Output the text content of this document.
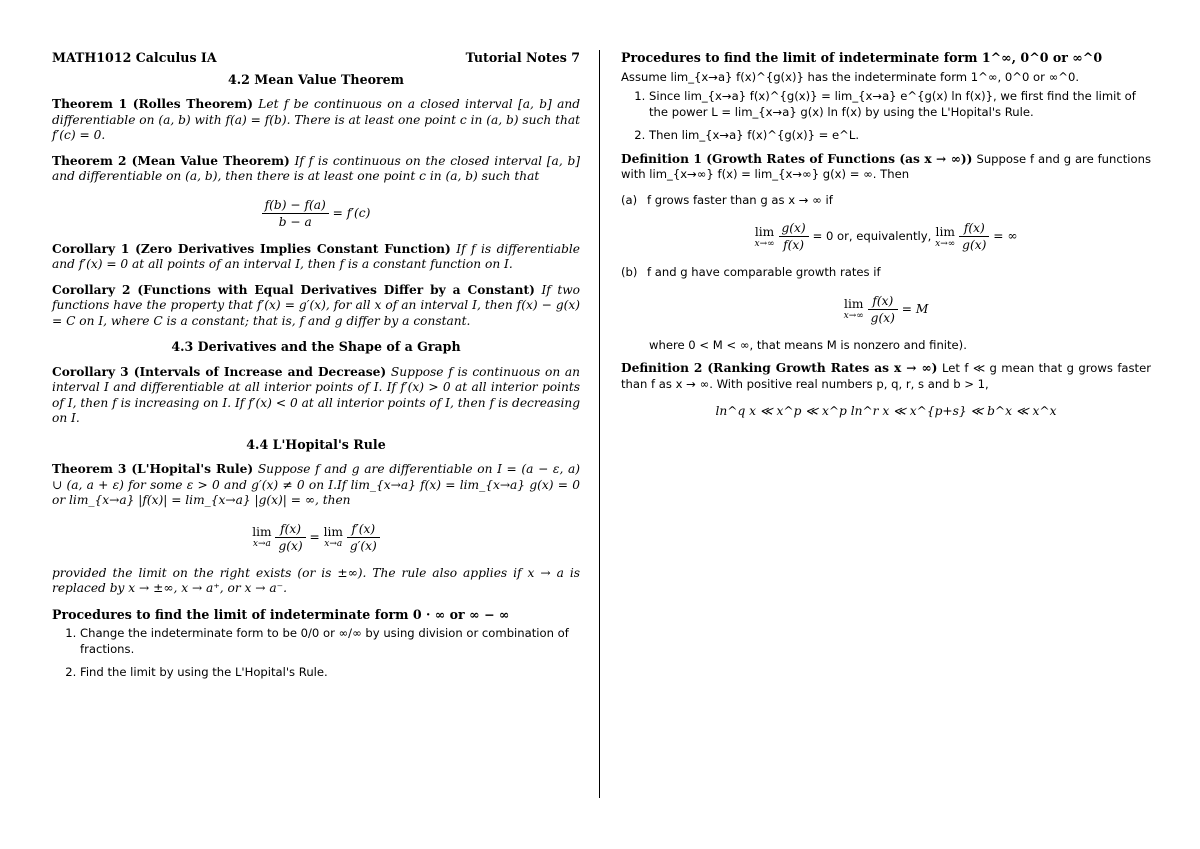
MATH1012 Calculus IA	Tutorial Notes 7
4.2 Mean Value Theorem
Theorem 1 (Rolles Theorem) Let f be continuous on a closed interval [a, b] and differentiable on (a, b) with f(a) = f(b). There is at least one point c in (a, b) such that f′(c) = 0.
Theorem 2 (Mean Value Theorem) If f is continuous on the closed interval [a, b] and differentiable on (a, b), then there is at least one point c in (a, b) such that
$\frac{f(b) - f(a)}{b - a} = f'(c)$
Corollary 1 (Zero Derivatives Implies Constant Function) If f is differentiable and f′(x) = 0 at all points of an interval I, then f is a constant function on I.
Corollary 2 (Functions with Equal Derivatives Differ by a Constant) If two functions have the property that f′(x) = g′(x), for all x of an interval I, then f(x) − g(x) = C on I, where C is a constant; that is, f and g differ by a constant.
4.3 Derivatives and the Shape of a Graph
Corollary 3 (Intervals of Increase and Decrease) Suppose f is continuous on an interval I and differentiable at all interior points of I. If f′(x) > 0 at all interior points of I, then f is increasing on I. If f′(x) < 0 at all interior points of I, then f is decreasing on I.
4.4 L'Hopital's Rule
Theorem 3 (L'Hopital's Rule) Suppose f and g are differentiable on I = (a − ε, a) ∪ (a, a + ε) for some ε > 0 and g′(x) ≠ 0 on I.If lim_{x→a} f(x) = lim_{x→a} g(x) = 0 or lim_{x→a} |f(x)| = lim_{x→a} |g(x)| = ∞, then
lim
x→a
$\frac{f(x)}{g(x)} = \lim$
x→a
$\frac{f'(x)}{g'(x)}$
provided the limit on the right exists (or is ±∞). The rule also applies if x → a is replaced by x → ±∞, x → a⁺, or x → a⁻.
Procedures to find the limit of indeterminate form 0 · ∞ or ∞ − ∞
1. Change the indeterminate form to be 0/0 or ∞/∞ by using division or combination of fractions.
2. Find the limit by using the L'Hopital's Rule.
Procedures to find the limit of indeterminate form 1^∞, 0^0 or ∞^0
Assume lim_{x→a} f(x)^{g(x)} has the indeterminate form 1^∞, 0^0 or ∞^0.
1. Since lim_{x→a} f(x)^{g(x)} = lim_{x→a} e^{g(x) ln f(x)}, we first find the limit of the power L = lim_{x→a} g(x) ln f(x) by using the L'Hopital's Rule.
2. Then lim_{x→a} f(x)^{g(x)} = e^L.
Definition 1 (Growth Rates of Functions (as x → ∞)) Suppose f and g are functions with lim_{x→∞} f(x) = lim_{x→∞} g(x) = ∞. Then
(a) f grows faster than g as x → ∞ if
lim
x→∞
$\frac{g(x)}{f(x)} = 0$ or, equivalently, lim
x→∞
$\frac{f(x)}{g(x)}$ = ∞
(b) f and g have comparable growth rates if
lim
x→∞
$\frac{f(x)}{g(x)} = M$
where 0 < M < ∞, that means M is nonzero and finite).
Definition 2 (Ranking Growth Rates as x → ∞) Let f ≪ g mean that g grows faster than f as x → ∞. With positive real numbers p, q, r, s and b > 1,
ln^q x ≪ x^p ≪ x^p ln^r x ≪ x^{p+s} ≪ b^x ≪ x^x
